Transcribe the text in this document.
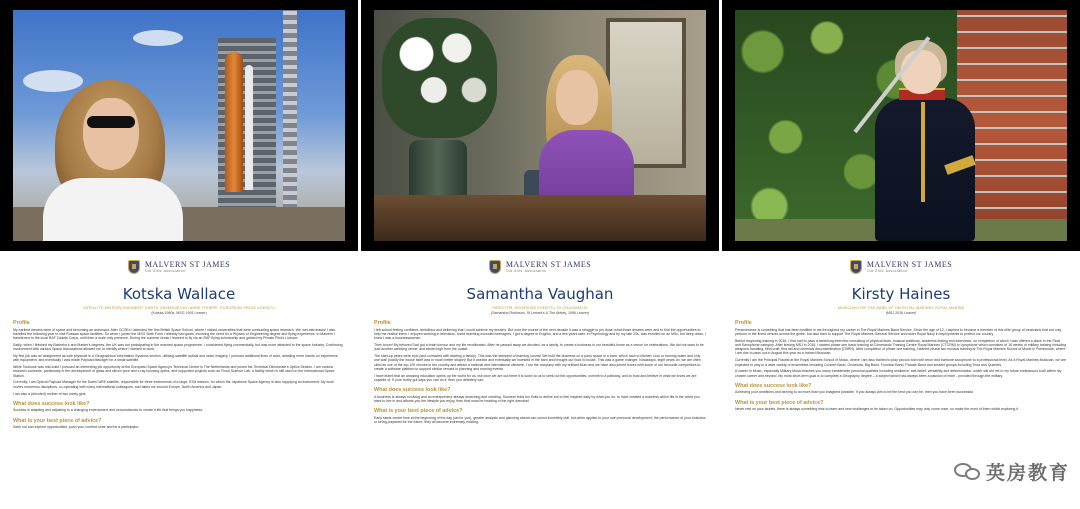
MALVERN ST JAMES
Old Girls' Association
Kotska Wallace
SATELLITE MISSION ENGINEER, EARTH OBSERVATION (ANNE THORPE, EUROPEAN SPACE AGENCY)
(Kotska 1980s, MSG 1991 Leaver)
Profile

My earliest dreams were of space and becoming an astronaut. After GCSEs I attended the first British Space School, where I visited universities that were conducting space research. We met astronauts! I also travelled the following year to visit Russian space facilities. So when I joined the MSG Sixth Form I already had goals, involving the need for a Physics or Engineering degree and flying experience. In Malvern I transferred to the local RAF Cadets Corps, until then a male only preserve. During the summer break I learned to fly via an RAF flying scholarship and gained my Private Pilot's Licence.

Sadly, when I finished my Bachelor's and Master's degrees, the UK was not participating in the manned space programme. I considered flying commercially, but was more attracted to the space industry. Continuing involvement with various Space Associations allowed me to identify where I wanted to work.

My first job was an assignment as sole physicist in a Geographical Information Systems section, utilising satellite optical and radar imagery. I pursued additional lines of work, detailing more hands-on experience with equipment, and eventually I was made Payload Manager for a small satellite.

While Toulouse was mid-build I pursued an interesting job opportunity at the European Space Agency's Technical Centre in The Netherlands and joined the Technical Directorate's Optics Section. I am various research contracts, particularly in the development of glass and silicon pore and x-ray focusing optics, and supported projects such as Flood Science Lab, a facility which is still used on the International Space Station.

Currently, I am Optical Payload Manager for the EarthCARE satellite, responsible for three instruments of a large, ESA mission, for which the Japanese Space Agency is also supplying an instrument. My work covers numerous disciplines, co-operating with many international colleagues, and takes me around Europe, North America and Japan.

I am also a (devoted) mother of two lovely girls.

What does success look like?

Success is adapting and adjusting to a changing environment and circumstances to create a life that brings you happiness.

What is your best piece of advice?

Seek out and explore opportunities, push your comfort zone and be a participator.

MALVERN ST JAMES
Old Girls' Association
Samantha Vaughan
DIRECTOR, RIVERSIDE EVENTS LTD (VAUGHAN'S)
(Samantha Robinson, St Lenard's & The Abbey, 1996 Leaver)
Profile

I left school feeling confident, ambitious and believing that I could achieve my dreams. But over the course of the next decade it was a struggle to pin down what those dreams were and to find the opportunities to help me realise them. I enjoyed working in television, loved teaching excluded teenagers, I got a degree in English, and a few years later, in Psychology and by my late 20s, was enrolled on an MSc, but deep down, I knew I was a businesswoman.

Then boom! My beloved Dad got a brain tumour and my life recalibrated. After he passed away we decided, as a family, to create a business in our beautiful home as a venue for celebrations. We did not want to be 'just another wedding venue' and aimed high from the outset.

The start-up years were epic (and coincided with starting a family). This was the steepest of learning curves! We built the business on a party space in a barn, which had no kitchen, loos or running water and only one wall (luckily the house itself was in much better shape)! But it worked and eventually we invested in the barn and brought our food in-house. This was a game changer. Nowadays, eight years on, we are often cited as one of the top 100 venues in the country and attract a national and international clientele. I run the company with my brilliant Mum and we have also joined forces with some of our favourite competitors to create a software platform to support similar venues in planning and running events.

I have learnt that an amazing education opens up the world for us, but once we are out there it is down to us to seek out the opportunities, commit to a pathway, and to trust and believe in what we know we are capable of. If your truthy gut says you can do it, then you definitely can.

What does success look like?

A business is always evolving and an entrepreneur always searching and creating. Success feels too finite to define but to feel inspired daily by what you do, to have created a business which fits in the world you want to live in and affords you the lifestyle you enjoy, then that must be heading in the right direction!

What is your best piece of advice?

Early starts centre time at the beginning of the day just for you), greater analysis and planning ahead can sound incredibly dull, but when applied to your own personal development, the performance of your business or being prepared for the future, they all become extremely exciting.

MALVERN ST JAMES
Old Girls' Association
Kirsty Haines
MUSICIAN FOR THE BAND OF HM ROYAL MARINES ROYAL MARINE
(MSJ 2016 Leaver)
Profile

Perseverance is something that has been instilled in me throughout my career in The Royal Marines Band Service. Since the age of 12, I aspired to become a member of this elite group of musicians that not only perform in the finest venues across the globe, but also train to support The Royal Marines General Service and wider Royal Navy in deployments to protect our country.

Before beginning training in 2016, I first had to pass a weeklong interview consisting of physical tests, musical auditions, academic testing and interviews, on completion of which I was offered a place in the Flute and Saxophone category. After leaving MSJ in 2016, I started phase one basic training at Commando Training Centre Royal Marines (CTCRM) in Lympstone which consisted of 16 weeks of military training including weapons handling, field craft, first aid and chemical decontamination (CBRN). After completion of phase one training, I started phase two musical training at The Royal Marines School of Music in Portsmouth, where I am due to pass out in August this year as a trained Musician.

Currently I am the Principal Flautist at the Royal Marines School of Music, where I am also trained to play piccolo and both tenor and baritone saxophone to a professional level. As a Royal Marines Musician, we are expected to play in a wide variety of ensembles including Concert Band, Orchestra, Big Band, Function Band, Parade Band and smaller groups including Trios and Quartets.

A career in Music, especially Military Music teaches you many transferable personal qualities including resilience, self-belief, versatility and determination, which will aid me in my future endeavours both within my chosen career and beyond. My most short-term goal is to complete a Geography degree – a subject which has always been a passion of mine - provided through the military.

What does success look like?

Achieving your ambitions and striving to do more than you imagined possible. If you always aim to be the best you can be, then you have been successful.

What is your best piece of advice?

Never rest on your laurels, there is always something else to learn and new challenges to be taken on. Opportunities may only come once, so make the most of them whilst exploring it.

英房教育
